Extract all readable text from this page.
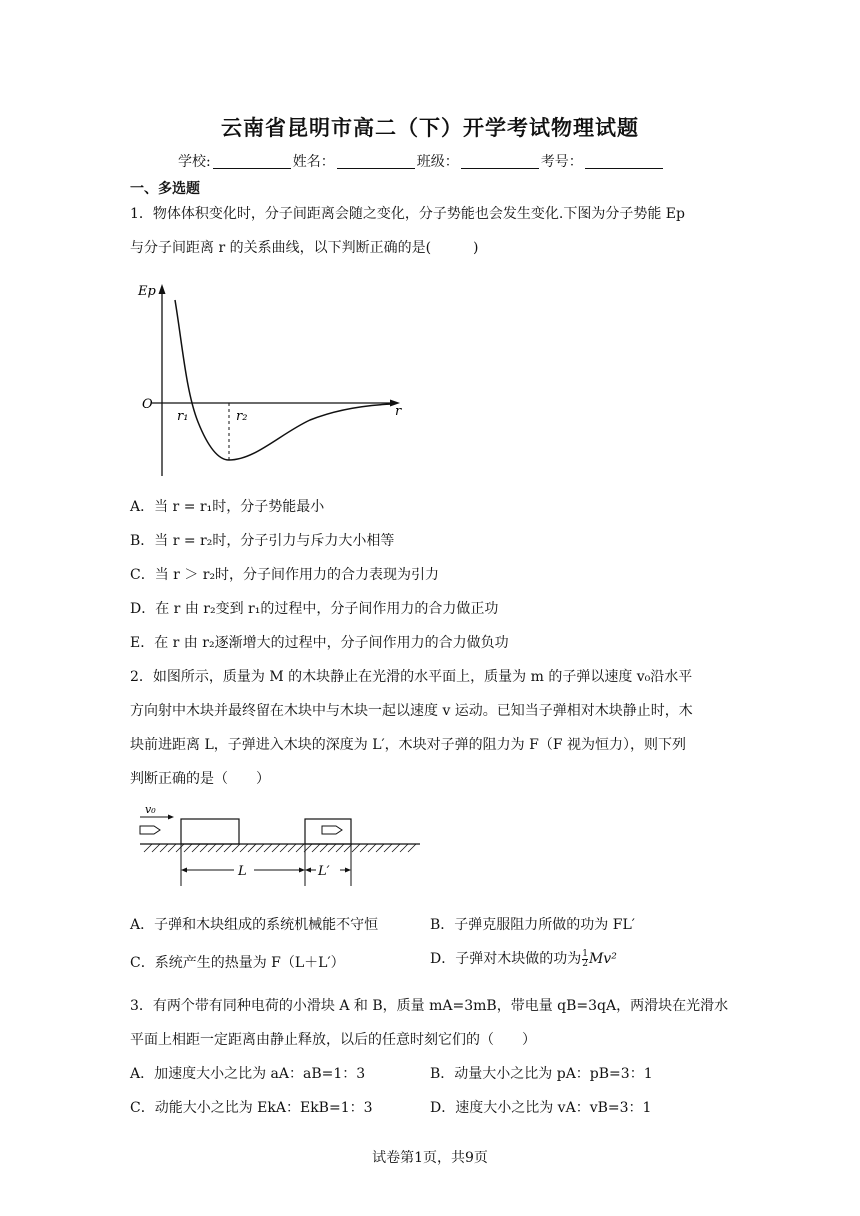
云南省昆明市高二（下）开学考试物理试题
学校:	姓名：	班级：	考号：
一、多选题
1．物体体积变化时，分子间距离会随之变化，分子势能也会发生变化.下图为分子势能 Ep
与分子间距离 r 的关系曲线，以下判断正确的是(　　　)
Ep
O	r
r₁	r₂
A．当 r = r₁时，分子势能最小
B．当 r = r₂时，分子引力与斥力大小相等
C．当 r ＞ r₂时，分子间作用力的合力表现为引力
D．在 r 由 r₂变到 r₁的过程中，分子间作用力的合力做正功
E．在 r 由 r₂逐渐增大的过程中，分子间作用力的合力做负功
2．如图所示，质量为 M 的木块静止在光滑的水平面上，质量为 m 的子弹以速度 v₀沿水平
方向射中木块并最终留在木块中与木块一起以速度 v 运动。已知当子弹相对木块静止时，木
块前进距离 L，子弹进入木块的深度为 L′，木块对子弹的阻力为 F（F 视为恒力），则下列
判断正确的是（　　）
v₀
L	L′
A．子弹和木块组成的系统机械能不守恒	B．子弹克服阻力所做的功为 FL′
C．系统产生的热量为 F（L＋L′）	D．子弹对木块做的功为 $\frac{1}{2} Mv^2$
3．有两个带有同种电荷的小滑块 A 和 B，质量 mA=3mB，带电量 qB=3qA，两滑块在光滑水
平面上相距一定距离由静止释放，以后的任意时刻它们的（　　）
A．加速度大小之比为 aA：aB=1：3	B．动量大小之比为 pA：pB=3：1
C．动能大小之比为 EkA：EkB=1：3	D．速度大小之比为 vA：vB=3：1
试卷第1页，共9页
